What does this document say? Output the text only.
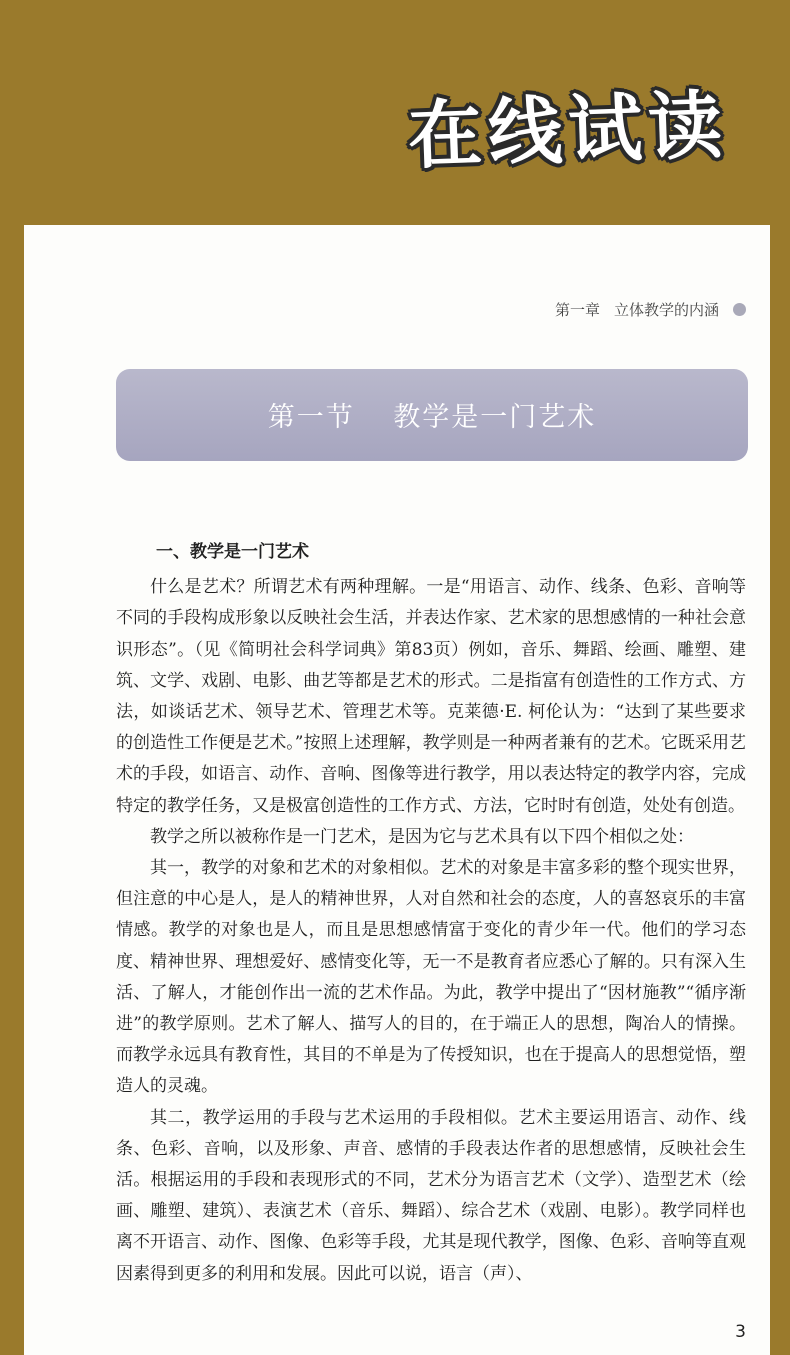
在线试读
第一章 立体教学的内涵
第一节 教学是一门艺术

一、教学是一门艺术

什么是艺术？所谓艺术有两种理解。一是“用语言、动作、线条、色彩、音响等不同的手段构成形象以反映社会生活，并表达作家、艺术家的思想感情的一种社会意识形态”。（见《简明社会科学词典》第83页）例如，音乐、舞蹈、绘画、雕塑、建筑、文学、戏剧、电影、曲艺等都是艺术的形式。二是指富有创造性的工作方式、方法，如谈话艺术、领导艺术、管理艺术等。克莱德·E. 柯伦认为：“达到了某些要求的创造性工作便是艺术。”按照上述理解，教学则是一种两者兼有的艺术。它既采用艺术的手段，如语言、动作、音响、图像等进行教学，用以表达特定的教学内容，完成特定的教学任务，又是极富创造性的工作方式、方法，它时时有创造，处处有创造。

教学之所以被称作是一门艺术，是因为它与艺术具有以下四个相似之处：

其一，教学的对象和艺术的对象相似。艺术的对象是丰富多彩的整个现实世界，但注意的中心是人，是人的精神世界，人对自然和社会的态度，人的喜怒哀乐的丰富情感。教学的对象也是人，而且是思想感情富于变化的青少年一代。他们的学习态度、精神世界、理想爱好、感情变化等，无一不是教育者应悉心了解的。只有深入生活、了解人，才能创作出一流的艺术作品。为此，教学中提出了“因材施教”“循序渐进”的教学原则。艺术了解人、描写人的目的，在于端正人的思想，陶冶人的情操。而教学永远具有教育性，其目的不单是为了传授知识，也在于提高人的思想觉悟，塑造人的灵魂。

其二，教学运用的手段与艺术运用的手段相似。艺术主要运用语言、动作、线条、色彩、音响，以及形象、声音、感情的手段表达作者的思想感情，反映社会生活。根据运用的手段和表现形式的不同，艺术分为语言艺术（文学）、造型艺术（绘画、雕塑、建筑）、表演艺术（音乐、舞蹈）、综合艺术（戏剧、电影）。教学同样也离不开语言、动作、图像、色彩等手段，尤其是现代教学，图像、色彩、音响等直观因素得到更多的利用和发展。因此可以说，语言（声）、

3
